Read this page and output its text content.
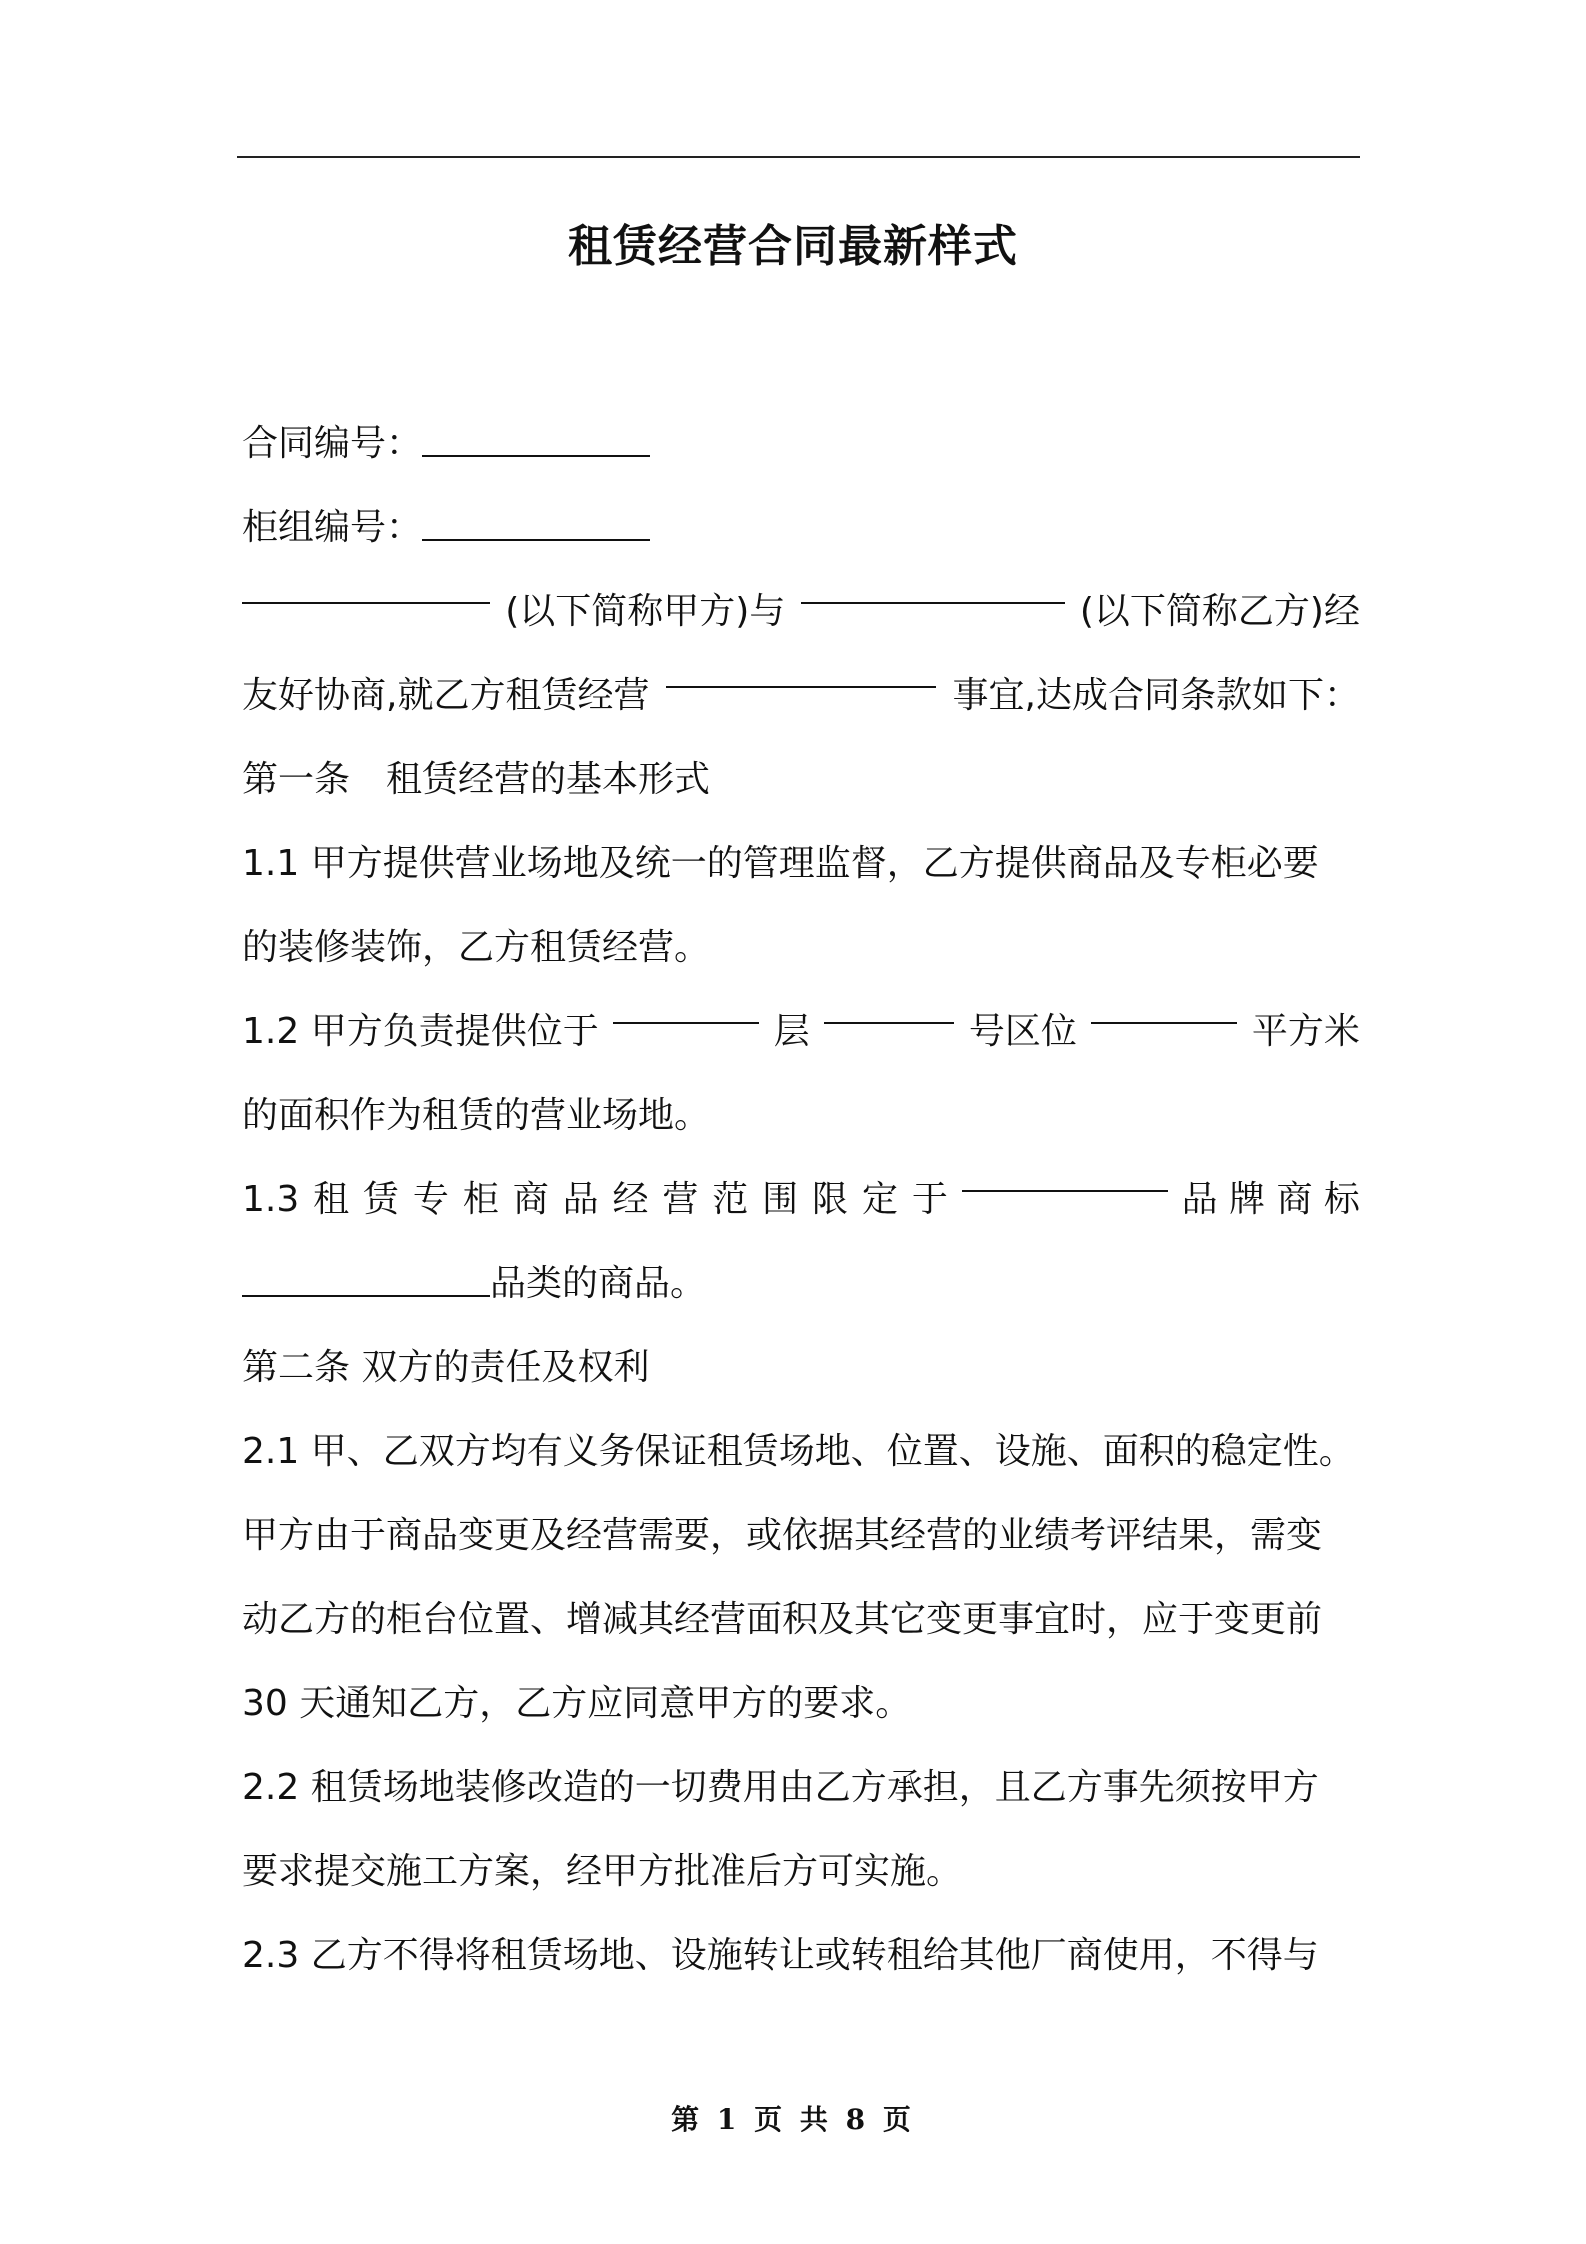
租赁经营合同最新样式
合同编号：
柜组编号：
(以下简称甲方)与	(以下简称乙方)经
友好协商,就乙方租赁经营	事宜,达成合同条款如下：
第一条　租赁经营的基本形式
1.1 甲方提供营业场地及统一的管理监督，乙方提供商品及专柜必要
的装修装饰，乙方租赁经营。
1.2 甲方负责提供位于	层	号区位	平方米
的面积作为租赁的营业场地。
1.3 租 赁 专 柜 商 品 经 营 范 围 限 定 于	品 牌 商 标
品类的商品。
第二条 双方的责任及权利
2.1 甲、乙双方均有义务保证租赁场地、位置、设施、面积的稳定性。
甲方由于商品变更及经营需要，或依据其经营的业绩考评结果，需变
动乙方的柜台位置、增减其经营面积及其它变更事宜时，应于变更前
30 天通知乙方，乙方应同意甲方的要求。
2.2 租赁场地装修改造的一切费用由乙方承担，且乙方事先须按甲方
要求提交施工方案，经甲方批准后方可实施。
2.3 乙方不得将租赁场地、设施转让或转租给其他厂商使用，不得与
第 1 页 共 8 页
